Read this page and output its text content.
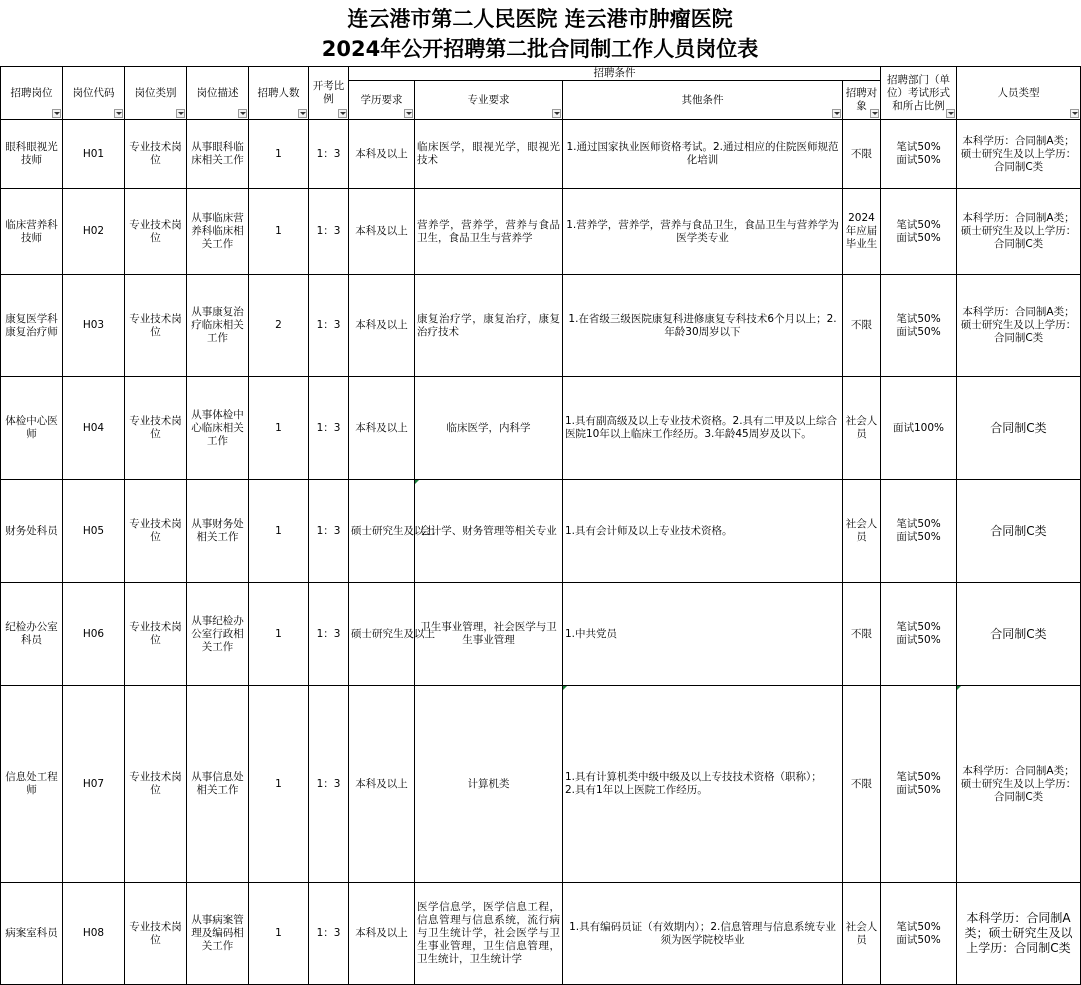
连云港市第二人民医院 连云港市肿瘤医院
2024年公开招聘第二批合同制工作人员岗位表
招聘岗位	岗位代码	岗位类别	岗位描述	招聘人数	开考比例	招聘条件				招聘部门（单位）考试形式和所占比例	人员类型

						学历要求	专业要求	其他条件	招聘对象		

眼科眼视光技师	H01	专业技术岗位	从事眼科临床相关工作	1	1：3	本科及以上	临床医学，眼视光学，眼视光技术	1.通过国家执业医师资格考试。2.通过相应的住院医师规范化培训	不限	笔试50%
面试50%	本科学历：合同制A类；硕士研究生及以上学历：合同制C类
临床营养科技师	H02	专业技术岗位	从事临床营养科临床相关工作	1	1：3	本科及以上	营养学，营养学，营养与食品卫生，食品卫生与营养学	1.营养学，营养学，营养与食品卫生，食品卫生与营养学为医学类专业	2024年应届毕业生	笔试50%
面试50%	本科学历：合同制A类；硕士研究生及以上学历：合同制C类
康复医学科康复治疗师	H03	专业技术岗位	从事康复治疗临床相关工作	2	1：3	本科及以上	康复治疗学，康复治疗，康复治疗技术	1.在省级三级医院康复科进修康复专科技术6个月以上；2.年龄30周岁以下	不限	笔试50%
面试50%	本科学历：合同制A类；硕士研究生及以上学历：合同制C类
体检中心医师	H04	专业技术岗位	从事体检中心临床相关工作	1	1：3	本科及以上	临床医学，内科学	1.具有副高级及以上专业技术资格。2.具有二甲及以上综合医院10年以上临床工作经历。3.年龄45周岁及以下。	社会人员	面试100%	合同制C类
财务处科员	H05	专业技术岗位	从事财务处相关工作	1	1：3	硕士研究生及以上	会计学、财务管理等相关专业	1.具有会计师及以上专业技术资格。	社会人员	笔试50%
面试50%	合同制C类
纪检办公室科员	H06	专业技术岗位	从事纪检办公室行政相关工作	1	1：3	硕士研究生及以上	卫生事业管理，社会医学与卫生事业管理	1.中共党员	不限	笔试50%
面试50%	合同制C类
信息处工程师	H07	专业技术岗位	从事信息处相关工作	1	1：3	本科及以上	计算机类	1.具有计算机类中级中级及以上专技技术资格（职称）；
2.具有1年以上医院工作经历。	不限	笔试50%
面试50%	本科学历：合同制A类；硕士研究生及以上学历：合同制C类
病案室科员	H08	专业技术岗位	从事病案管理及编码相关工作	1	1：3	本科及以上	医学信息学，医学信息工程，信息管理与信息系统，流行病与卫生统计学，社会医学与卫生事业管理，卫生信息管理，卫生统计，卫生统计学	1.具有编码员证（有效期内）；2.信息管理与信息系统专业须为医学院校毕业	社会人员	笔试50%
面试50%	本科学历：合同制A类；硕士研究生及以上学历：合同制C类
